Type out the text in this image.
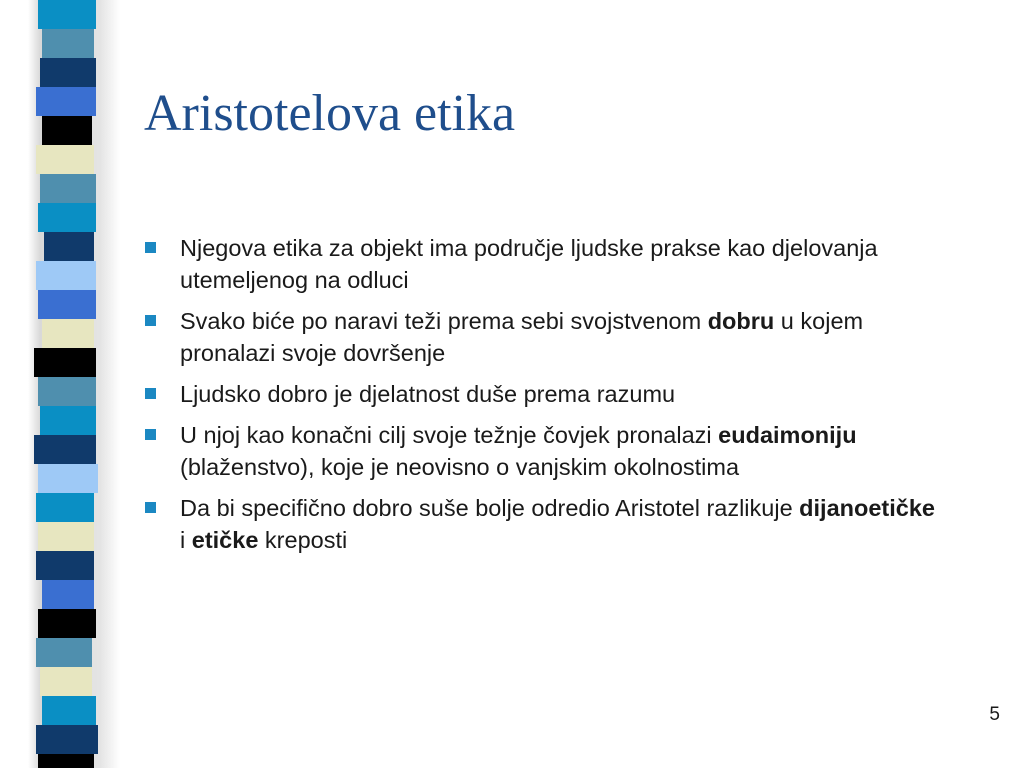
Aristotelova etika
Njegova etika za objekt ima područje ljudske prakse kao djelovanja utemeljenog na odluci
Svako biće po naravi teži prema sebi svojstvenom dobru u kojem pronalazi svoje dovršenje
Ljudsko dobro je djelatnost duše prema razumu
U njoj kao konačni cilj svoje težnje čovjek pronalazi eudaimoniju (blaženstvo), koje je neovisno o vanjskim okolnostima
Da bi specifično dobro suše bolje odredio Aristotel razlikuje dijanoetičke i etičke kreposti
5
